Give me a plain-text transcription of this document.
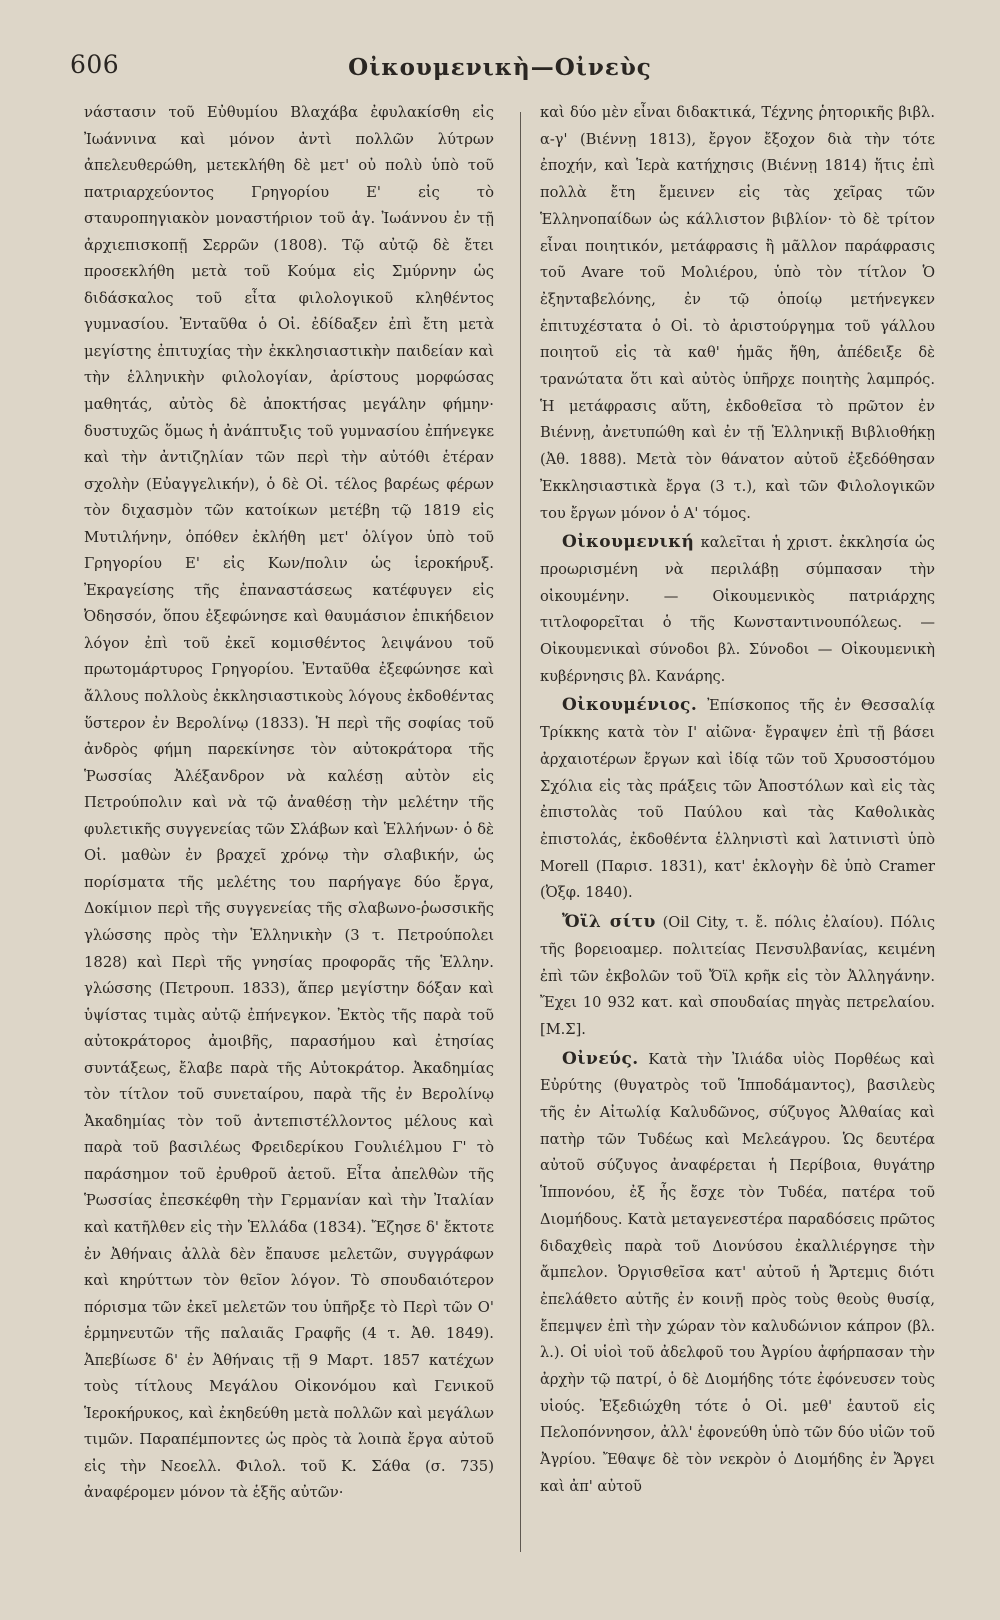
606	Οἰκουμενικὴ—Οἰνεὺς

νάστασιν τοῦ Εὐθυμίου Βλαχάβα ἐφυλακίσθη εἰς Ἰωάννινα καὶ μόνον ἀντὶ πολλῶν λύτρων ἀπελευθερώθη, μετεκλήθη δὲ μετ' οὐ πολὺ ὑπὸ τοῦ πατριαρχεύοντος Γρηγορίου Ε' εἰς τὸ σταυροπηγιακὸν μοναστήριον τοῦ ἁγ. Ἰωάννου ἐν τῇ ἀρχιεπισκοπῇ Σερρῶν (1808). Τῷ αὐτῷ δὲ ἔτει προσεκλήθη μετὰ τοῦ Κούμα εἰς Σμύρνην ὡς διδάσκαλος τοῦ εἶτα φιλολογικοῦ κληθέντος γυμνασίου. Ἐνταῦθα ὁ Οἰ. ἐδίδαξεν ἐπὶ ἔτη μετὰ μεγίστης ἐπιτυχίας τὴν ἐκκλησιαστικὴν παιδείαν καὶ τὴν ἑλληνικὴν φιλολογίαν, ἀρίστους μορφώσας μαθητάς, αὐτὸς δὲ ἀποκτήσας μεγάλην φήμην· δυστυχῶς ὅμως ἡ ἀνάπτυξις τοῦ γυμνασίου ἐπήνεγκε καὶ τὴν ἀντιζηλίαν τῶν περὶ τὴν αὐτόθι ἑτέραν σχολὴν (Εὐαγγελικήν), ὁ δὲ Οἰ. τέλος βαρέως φέρων τὸν διχασμὸν τῶν κατοίκων μετέβη τῷ 1819 εἰς Μυτιλήνην, ὁπόθεν ἐκλήθη μετ' ὀλίγον ὑπὸ τοῦ Γρηγορίου Ε' εἰς Κων/πολιν ὡς ἱεροκήρυξ. Ἐκραγείσης τῆς ἐπαναστάσεως κατέφυγεν εἰς Ὀδησσόν, ὅπου ἐξεφώνησε καὶ θαυμάσιον ἐπικήδειον λόγον ἐπὶ τοῦ ἐκεῖ κομισθέντος λειψάνου τοῦ πρωτομάρτυρος Γρηγορίου. Ἐνταῦθα ἐξεφώνησε καὶ ἄλλους πολλοὺς ἐκκλησιαστικοὺς λόγους ἐκδοθέντας ὕστερον ἐν Βερολίνῳ (1833). Ἡ περὶ τῆς σοφίας τοῦ ἀνδρὸς φήμη παρεκίνησε τὸν αὐτοκράτορα τῆς Ῥωσσίας Ἀλέξανδρον νὰ καλέσῃ αὐτὸν εἰς Πετρούπολιν καὶ νὰ τῷ ἀναθέσῃ τὴν μελέτην τῆς φυλετικῆς συγγενείας τῶν Σλάβων καὶ Ἑλλήνων· ὁ δὲ Οἰ. μαθὼν ἐν βραχεῖ χρόνῳ τὴν σλαβικήν, ὡς πορίσματα τῆς μελέτης του παρήγαγε δύο ἔργα, Δοκίμιον περὶ τῆς συγγενείας τῆς σλαβωνο-ῥωσσικῆς γλώσσης πρὸς τὴν Ἑλληνικὴν (3 τ. Πετρούπολει 1828) καὶ Περὶ τῆς γνησίας προφορᾶς τῆς Ἑλλην. γλώσσης (Πετρουπ. 1833), ἅπερ μεγίστην δόξαν καὶ ὑψίστας τιμὰς αὐτῷ ἐπήνεγκον. Ἐκτὸς τῆς παρὰ τοῦ αὐτοκράτορος ἀμοιβῆς, παρασήμου καὶ ἐτησίας συντάξεως, ἔλαβε παρὰ τῆς Αὐτοκράτορ. Ἀκαδημίας τὸν τίτλον τοῦ συνεταίρου, παρὰ τῆς ἐν Βερολίνῳ Ἀκαδημίας τὸν τοῦ ἀντεπιστέλλοντος μέλους καὶ παρὰ τοῦ βασιλέως Φρειδερίκου Γουλιέλμου Γ' τὸ παράσημον τοῦ ἐρυθροῦ ἀετοῦ. Εἶτα ἀπελθὼν τῆς Ῥωσσίας ἐπεσκέφθη τὴν Γερμανίαν καὶ τὴν Ἰταλίαν καὶ κατῆλθεν εἰς τὴν Ἑλλάδα (1834). Ἔζησε δ' ἔκτοτε ἐν Ἀθήναις ἀλλὰ δὲν ἔπαυσε μελετῶν, συγγράφων καὶ κηρύττων τὸν θεῖον λόγον. Τὸ σπουδαιότερον πόρισμα τῶν ἐκεῖ μελετῶν του ὑπῆρξε τὸ Περὶ τῶν Ο' ἑρμηνευτῶν τῆς παλαιᾶς Γραφῆς (4 τ. Ἀθ. 1849). Ἀπεβίωσε δ' ἐν Ἀθήναις τῇ 9 Μαρτ. 1857 κατέχων τοὺς τίτλους Μεγάλου Οἰκονόμου καὶ Γενικοῦ Ἱεροκήρυκος, καὶ ἐκηδεύθη μετὰ πολλῶν καὶ μεγάλων τιμῶν. Παραπέμποντες ὡς πρὸς τὰ λοιπὰ ἔργα αὐτοῦ εἰς τὴν Νεοελλ. Φιλολ. τοῦ Κ. Σάθα (σ. 735) ἀναφέρομεν μόνον τὰ ἑξῆς αὐτῶν·

καὶ δύο μὲν εἶναι διδακτικά, Τέχνης ῥητορικῆς βιβλ. α-γ' (Βιέννῃ 1813), ἔργον ἔξοχον διὰ τὴν τότε ἐποχήν, καὶ Ἱερὰ κατήχησις (Βιέννῃ 1814) ἥτις ἐπὶ πολλὰ ἔτη ἔμεινεν εἰς τὰς χεῖρας τῶν Ἑλληνοπαίδων ὡς κάλλιστον βιβλίον· τὸ δὲ τρίτον εἶναι ποιητικόν, μετάφρασις ἢ μᾶλλον παράφρασις τοῦ Avare τοῦ Μολιέρου, ὑπὸ τὸν τίτλον Ὁ ἐξηνταβελόνης, ἐν τῷ ὁποίῳ μετήνεγκεν ἐπιτυχέστατα ὁ Οἰ. τὸ ἀριστούργημα τοῦ γάλλου ποιητοῦ εἰς τὰ καθ' ἡμᾶς ἤθη, ἀπέδειξε δὲ τρανώτατα ὅτι καὶ αὐτὸς ὑπῆρχε ποιητὴς λαμπρός. Ἡ μετάφρασις αὕτη, ἐκδοθεῖσα τὸ πρῶτον ἐν Βιέννῃ, ἀνετυπώθη καὶ ἐν τῇ Ἑλληνικῇ Βιβλιοθήκῃ (Ἀθ. 1888). Μετὰ τὸν θάνατον αὐτοῦ ἐξεδόθησαν Ἐκκλησιαστικὰ ἔργα (3 τ.), καὶ τῶν Φιλολογικῶν του ἔργων μόνον ὁ Α' τόμος.

Οἰκουμενική καλεῖται ἡ χριστ. ἐκκλησία ὡς προωρισμένη νὰ περιλάβῃ σύμπασαν τὴν οἰκουμένην. — Οἰκουμενικὸς πατριάρχης τιτλοφορεῖται ὁ τῆς Κωνσταντινουπόλεως. — Οἰκουμενικαὶ σύνοδοι βλ. Σύνοδοι — Οἰκουμενικὴ κυβέρνησις βλ. Κανάρης.

Οἰκουμένιος. Ἐπίσκοπος τῆς ἐν Θεσσαλίᾳ Τρίκκης κατὰ τὸν Ι' αἰῶνα· ἔγραψεν ἐπὶ τῇ βάσει ἀρχαιοτέρων ἔργων καὶ ἰδίᾳ τῶν τοῦ Χρυσοστόμου Σχόλια εἰς τὰς πράξεις τῶν Ἀποστόλων καὶ εἰς τὰς ἐπιστολὰς τοῦ Παύλου καὶ τὰς Καθολικὰς ἐπιστολάς, ἐκδοθέντα ἑλληνιστὶ καὶ λατινιστὶ ὑπὸ Morell (Παρισ. 1831), κατ' ἐκλογὴν δὲ ὑπὸ Cramer (Ὀξφ. 1840).

Ὄϊλ σίτυ (Oil City, τ. ἔ. πόλις ἐλαίου). Πόλις τῆς βορειοαμερ. πολιτείας Πενσυλβανίας, κειμένη ἐπὶ τῶν ἐκβολῶν τοῦ Ὄϊλ κρῆκ εἰς τὸν Ἀλληγάνην. Ἔχει 10 932 κατ. καὶ σπουδαίας πηγὰς πετρελαίου. [Μ.Σ].

Οἰνεύς. Κατὰ τὴν Ἰλιάδα υἱὸς Πορθέως καὶ Εὐρύτης (θυγατρὸς τοῦ Ἱπποδάμαντος), βασιλεὺς τῆς ἐν Αἰτωλίᾳ Καλυδῶνος, σύζυγος Ἀλθαίας καὶ πατὴρ τῶν Τυδέως καὶ Μελεάγρου. Ὡς δευτέρα αὐτοῦ σύζυγος ἀναφέρεται ἡ Περίβοια, θυγάτηρ Ἱππονόου, ἐξ ἧς ἔσχε τὸν Τυδέα, πατέρα τοῦ Διομήδους. Κατὰ μεταγενεστέρα παραδόσεις πρῶτος διδαχθεὶς παρὰ τοῦ Διονύσου ἐκαλλιέργησε τὴν ἄμπελον. Ὀργισθεῖσα κατ' αὐτοῦ ἡ Ἄρτεμις διότι ἐπελάθετο αὐτῆς ἐν κοινῇ πρὸς τοὺς θεοὺς θυσίᾳ, ἔπεμψεν ἐπὶ τὴν χώραν τὸν καλυδώνιον κάπρον (βλ. λ.). Οἱ υἱοὶ τοῦ ἀδελφοῦ του Ἀγρίου ἀφήρπασαν τὴν ἀρχὴν τῷ πατρί, ὁ δὲ Διομήδης τότε ἐφόνευσεν τοὺς υἱούς. Ἐξεδιώχθη τότε ὁ Οἰ. μεθ' ἑαυτοῦ εἰς Πελοπόννησον, ἀλλ' ἐφονεύθη ὑπὸ τῶν δύο υἱῶν τοῦ Ἀγρίου. Ἔθαψε δὲ τὸν νεκρὸν ὁ Διομήδης ἐν Ἄργει καὶ ἀπ' αὐτοῦ
